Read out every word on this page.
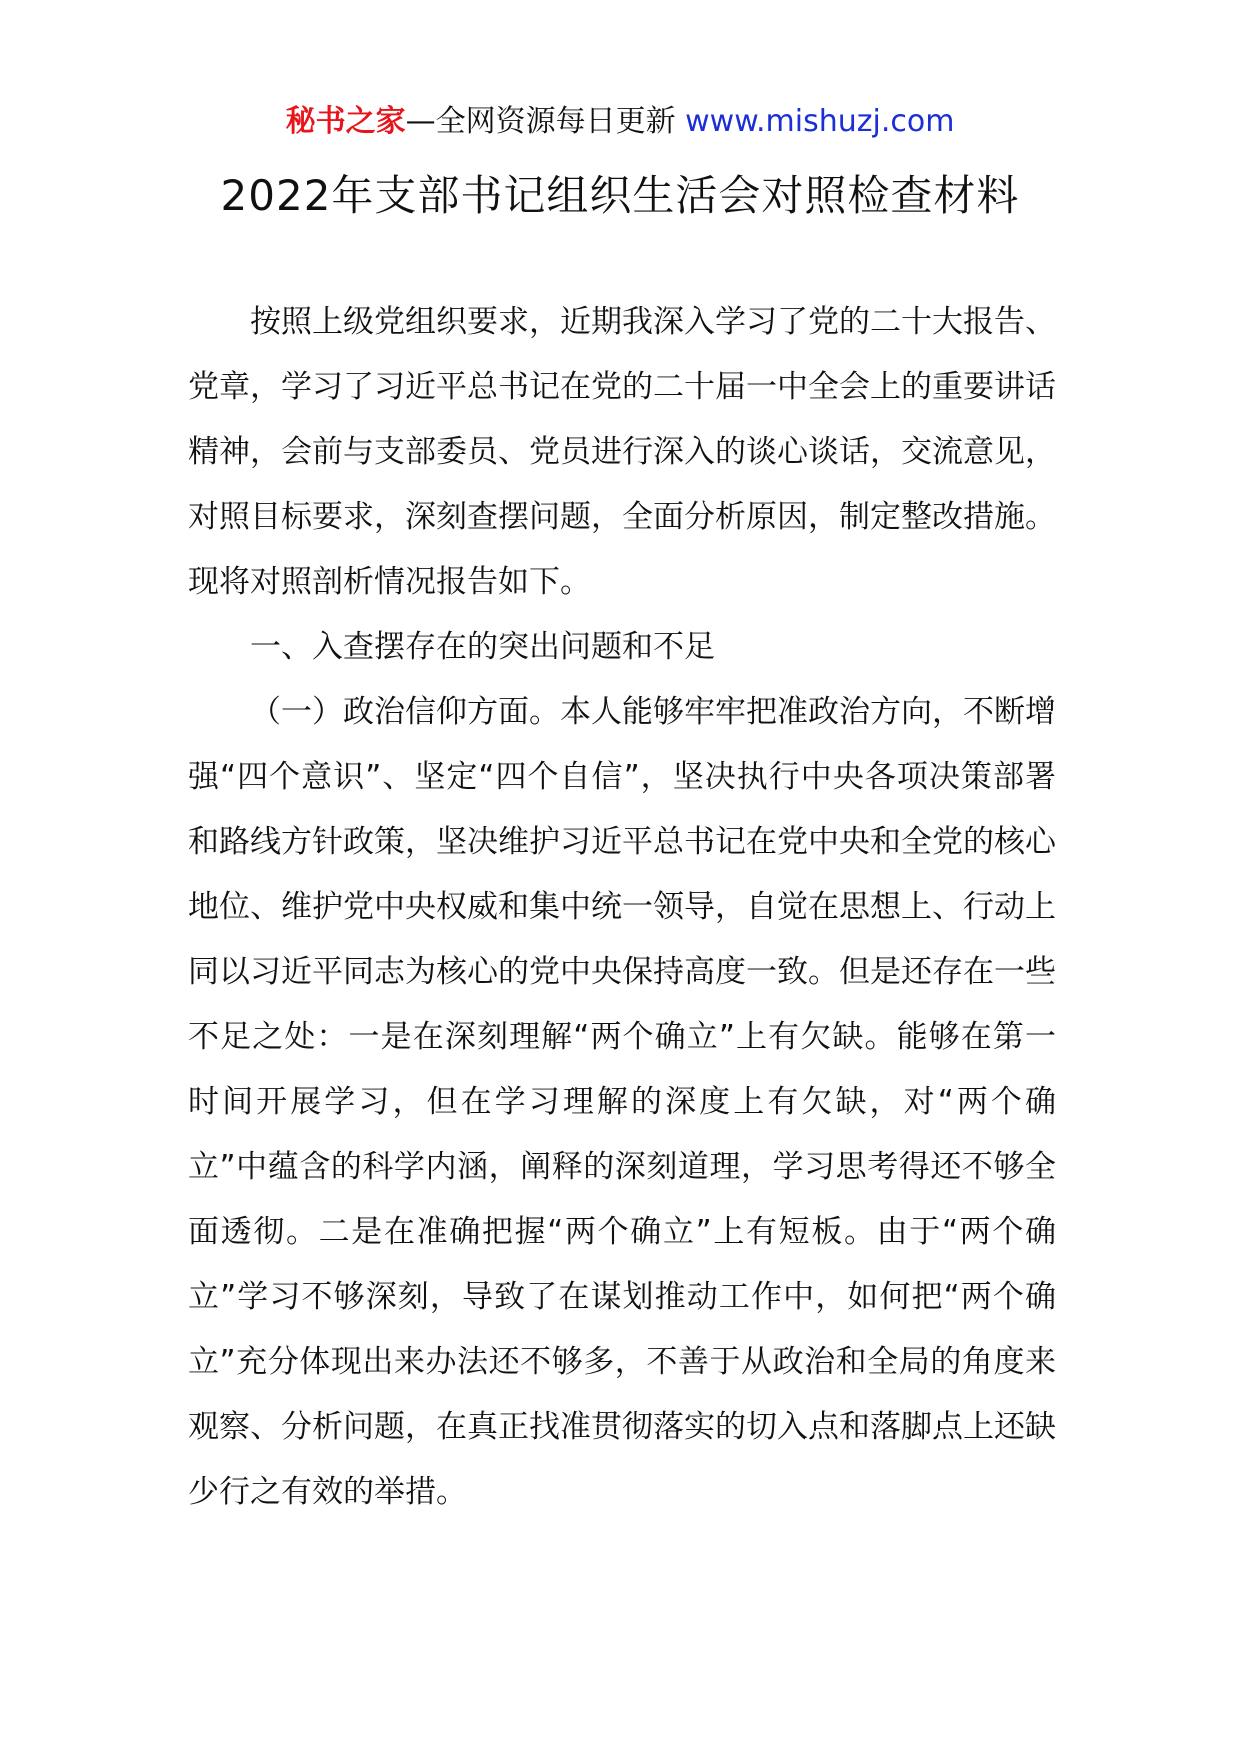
秘书之家—全网资源每日更新 www.mishuzj.com
2022年支部书记组织生活会对照检查材料

按照上级党组织要求，近期我深入学习了党的二十大报告、党章，学习了习近平总书记在党的二十届一中全会上的重要讲话精神，会前与支部委员、党员进行深入的谈心谈话，交流意见，对照目标要求，深刻查摆问题，全面分析原因，制定整改措施。现将对照剖析情况报告如下。

一、入查摆存在的突出问题和不足

（一）政治信仰方面。本人能够牢牢把准政治方向，不断增强“四个意识”、坚定“四个自信”，坚决执行中央各项决策部署和路线方针政策，坚决维护习近平总书记在党中央和全党的核心地位、维护党中央权威和集中统一领导，自觉在思想上、行动上同以习近平同志为核心的党中央保持高度一致。但是还存在一些不足之处：一是在深刻理解“两个确立”上有欠缺。能够在第一时间开展学习，但在学习理解的深度上有欠缺，对“两个确立”中蕴含的科学内涵，阐释的深刻道理，学习思考得还不够全面透彻。二是在准确把握“两个确立”上有短板。由于“两个确立”学习不够深刻，导致了在谋划推动工作中，如何把“两个确立”充分体现出来办法还不够多，不善于从政治和全局的角度来观察、分析问题，在真正找准贯彻落实的切入点和落脚点上还缺少行之有效的举措。
